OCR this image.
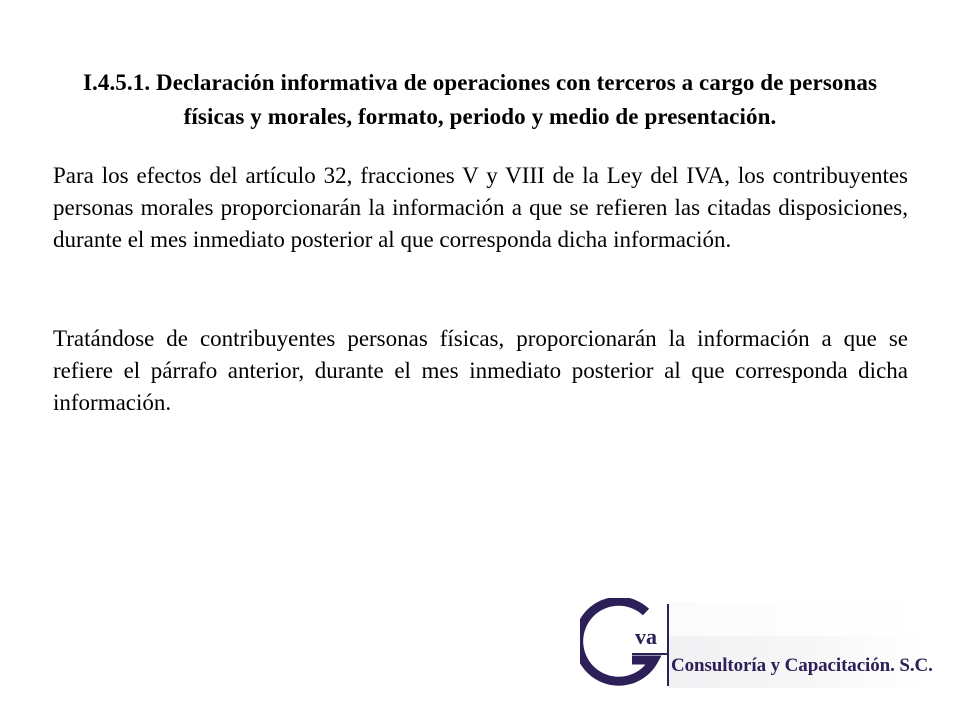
I.4.5.1. Declaración informativa de operaciones con terceros a cargo de personas físicas y morales, formato, periodo y medio de presentación.

Para los efectos del artículo 32, fracciones V y VIII de la Ley del IVA, los contribuyentes personas morales proporcionarán la información a que se refieren las citadas disposiciones, durante el mes inmediato posterior al que corresponda dicha información.

Tratándose de contribuyentes personas físicas, proporcionarán la información a que se refiere el párrafo anterior, durante el mes inmediato posterior al que corresponda dicha información.

va
Consultoría y Capacitación. S.C.
